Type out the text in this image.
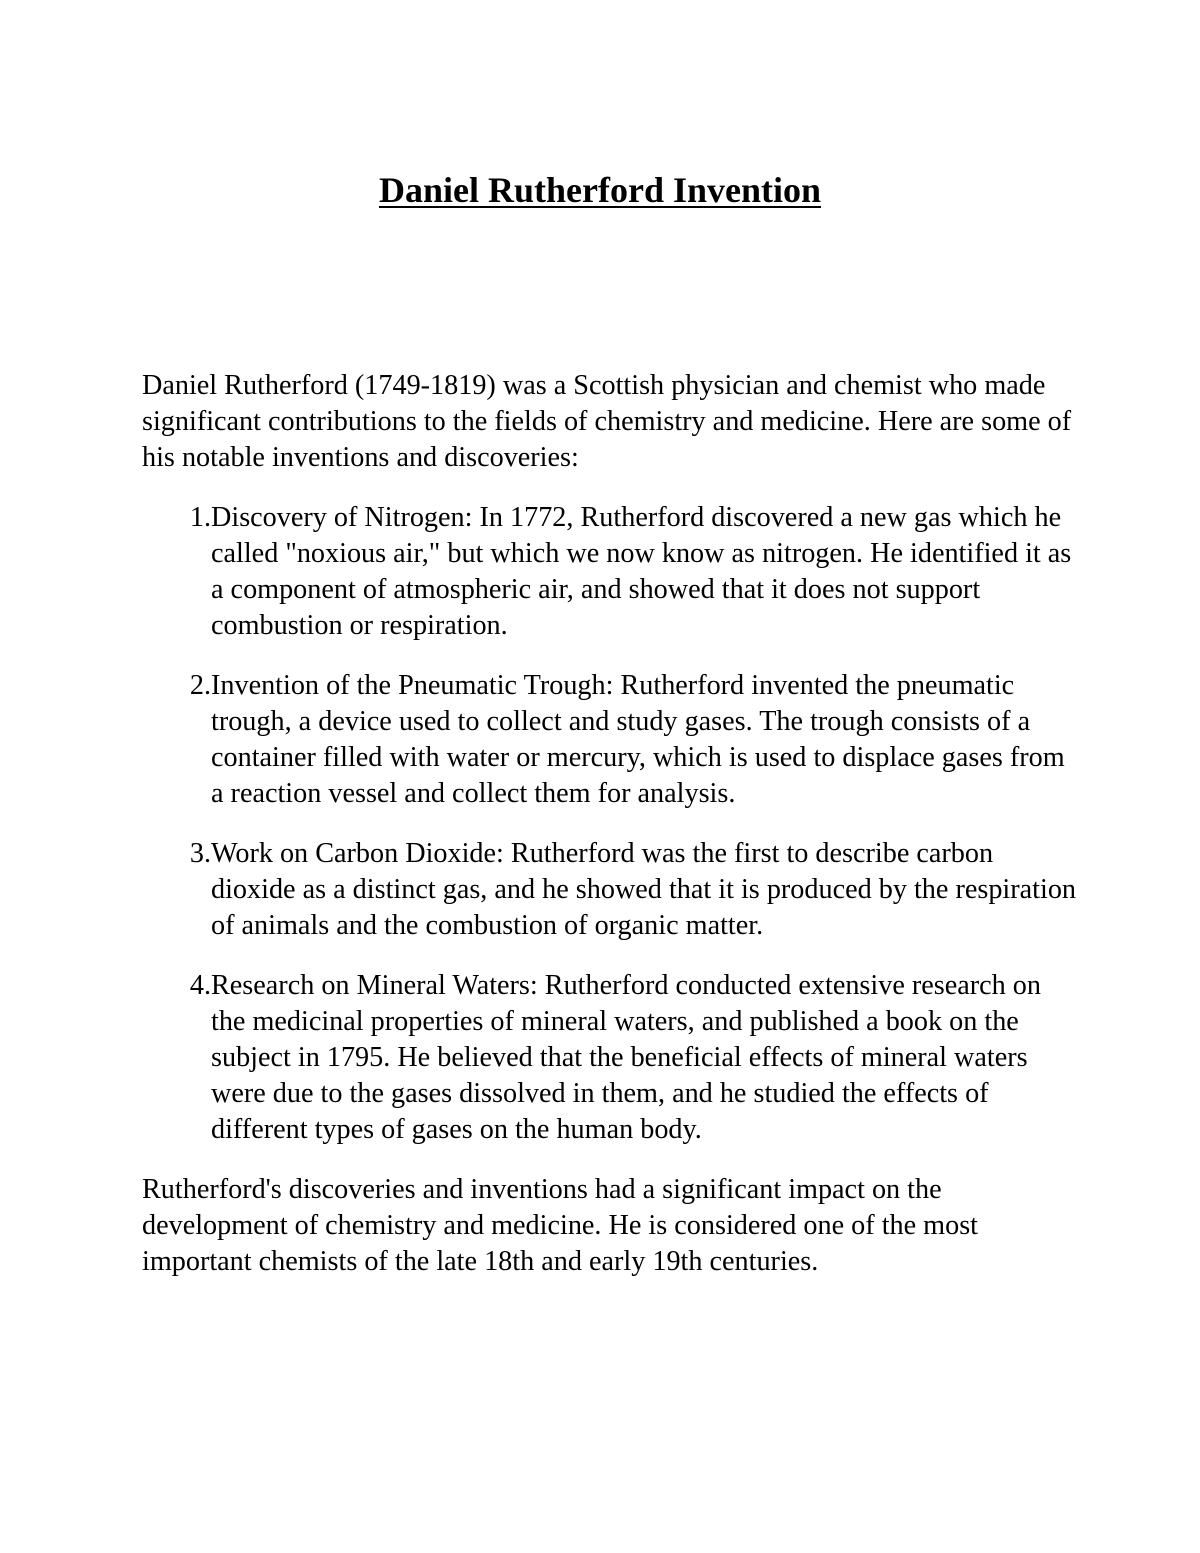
Daniel Rutherford Invention

Daniel Rutherford (1749-1819) was a Scottish physician and chemist who made significant contributions to the fields of chemistry and medicine. Here are some of his notable inventions and discoveries:

1. Discovery of Nitrogen: In 1772, Rutherford discovered a new gas which he called "noxious air," but which we now know as nitrogen. He identified it as a component of atmospheric air, and showed that it does not support combustion or respiration.
2. Invention of the Pneumatic Trough: Rutherford invented the pneumatic trough, a device used to collect and study gases. The trough consists of a container filled with water or mercury, which is used to displace gases from a reaction vessel and collect them for analysis.
3. Work on Carbon Dioxide: Rutherford was the first to describe carbon dioxide as a distinct gas, and he showed that it is produced by the respiration of animals and the combustion of organic matter.
4. Research on Mineral Waters: Rutherford conducted extensive research on the medicinal properties of mineral waters, and published a book on the subject in 1795. He believed that the beneficial effects of mineral waters were due to the gases dissolved in them, and he studied the effects of different types of gases on the human body.

Rutherford's discoveries and inventions had a significant impact on the development of chemistry and medicine. He is considered one of the most important chemists of the late 18th and early 19th centuries.
